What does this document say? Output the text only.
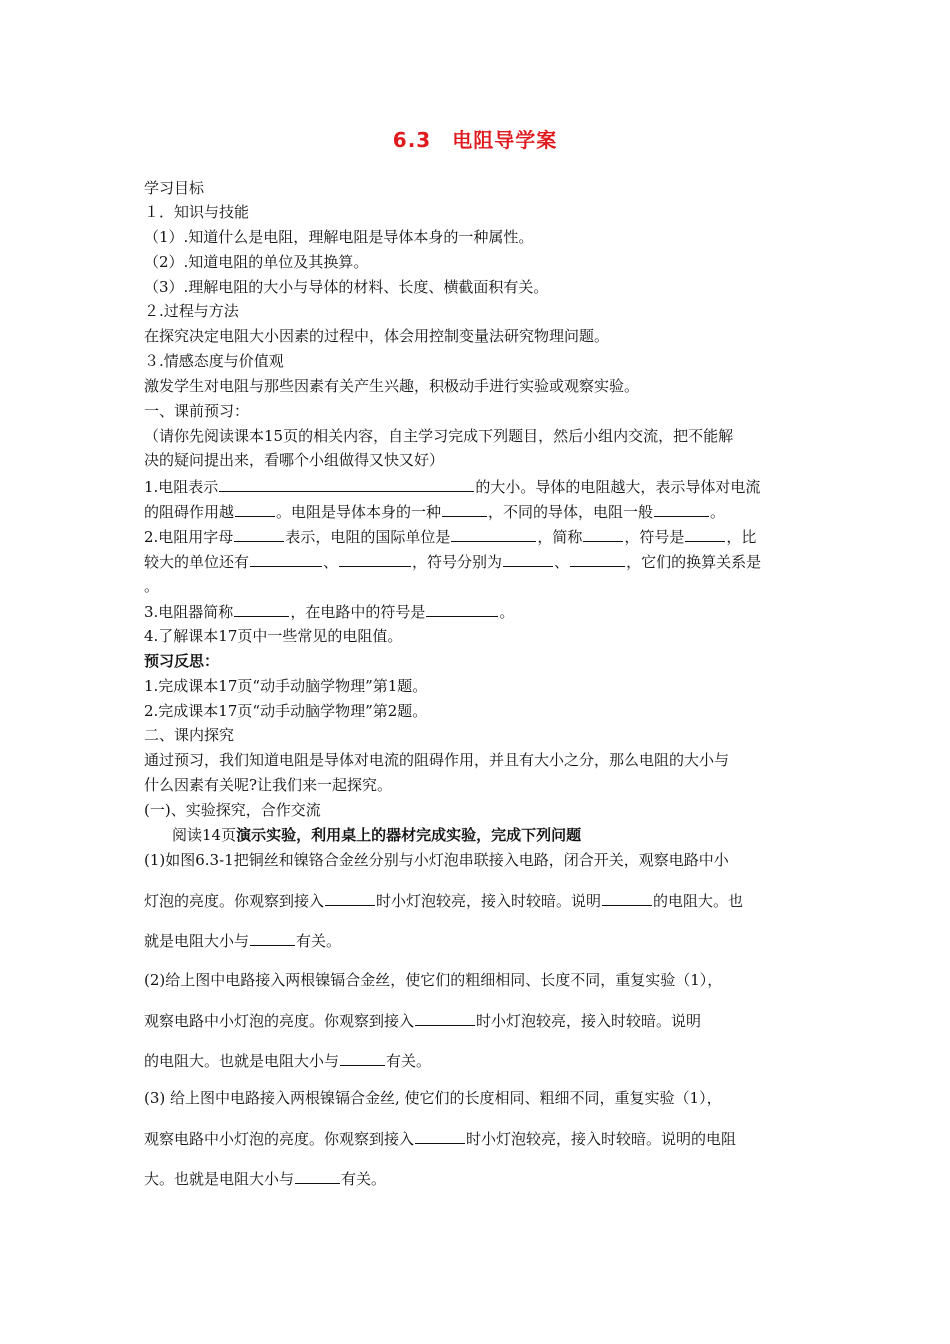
6.3　电阻导学案
学习目标
１．知识与技能
（1）.知道什么是电阻，理解电阻是导体本身的一种属性。
（2）.知道电阻的单位及其换算。
（3）.理解电阻的大小与导体的材料、长度、横截面积有关。
２.过程与方法
在探究决定电阻大小因素的过程中，体会用控制变量法研究物理问题。
３.情感态度与价值观
激发学生对电阻与那些因素有关产生兴趣，积极动手进行实验或观察实验。
一、课前预习：
（请你先阅读课本15页的相关内容，自主学习完成下列题目，然后小组内交流，把不能解
决的疑问提出来，看哪个小组做得又快又好）
1.电阻表示	的大小。导体的电阻越大，表示导体对电流
的阻碍作用越	。电阻是导体本身的一种	，不同的导体，电阻一般	。
2.电阻用字母	表示，电阻的国际单位是	，简称	，符号是	，比
较大的单位还有	、	，符号分别为	、	，它们的换算关系是
。
3.电阻器简称	，在电路中的符号是	。
4.了解课本17页中一些常见的电阻值。
预习反思：
1.完成课本17页“动手动脑学物理”第1题。
2.完成课本17页“动手动脑学物理”第2题。
二、课内探究
通过预习，我们知道电阻是导体对电流的阻碍作用，并且有大小之分，那么电阻的大小与
什么因素有关呢?让我们来一起探究。
(一)、实验探究，合作交流
阅读14页演示实验，利用桌上的器材完成实验，完成下列问题
(1)如图6.3-1把铜丝和镍铬合金丝分别与小灯泡串联接入电路，闭合开关，观察电路中小
灯泡的亮度。你观察到接入	时小灯泡较亮，接入时较暗。说明	的电阻大。也
就是电阻大小与	有关。
(2)给上图中电路接入两根镍镉合金丝，使它们的粗细相同、长度不同，重复实验（1），
观察电路中小灯泡的亮度。你观察到接入	时小灯泡较亮，接入时较暗。说明
的电阻大。也就是电阻大小与	有关。
(3) 给上图中电路接入两根镍镉合金丝, 使它们的长度相同、粗细不同，重复实验（1），
观察电路中小灯泡的亮度。你观察到接入	时小灯泡较亮，接入时较暗。说明的电阻
大。也就是电阻大小与	有关。
